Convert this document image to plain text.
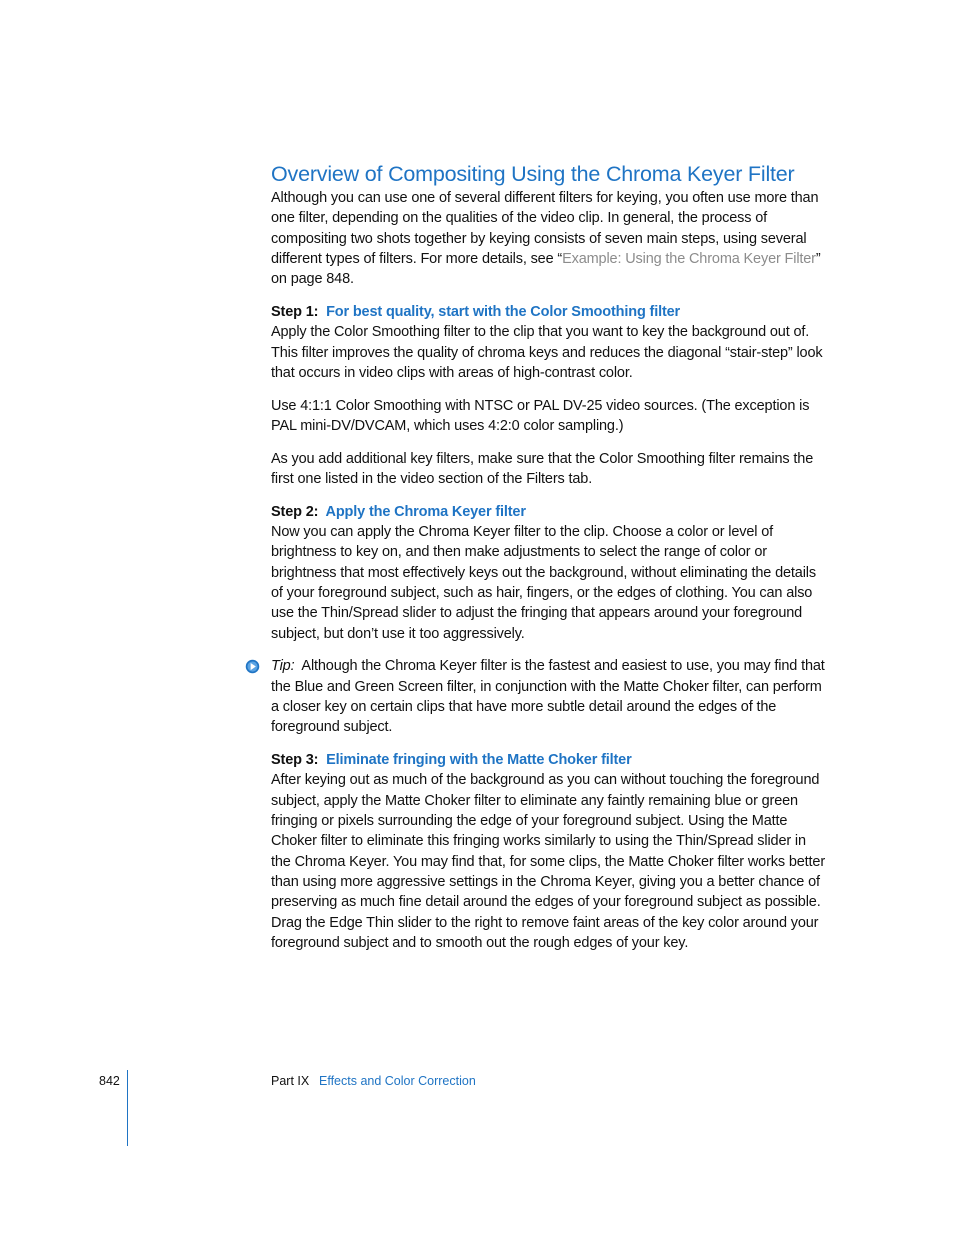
Overview of Compositing Using the Chroma Keyer Filter

Although you can use one of several different filters for keying, you often use more than one filter, depending on the qualities of the video clip. In general, the process of compositing two shots together by keying consists of seven main steps, using several different types of filters. For more details, see “Example: Using the Chroma Keyer Filter” on page 848.

Step 1: For best quality, start with the Color Smoothing filter

Apply the Color Smoothing filter to the clip that you want to key the background out of. This filter improves the quality of chroma keys and reduces the diagonal “stair-step” look that occurs in video clips with areas of high-contrast color.

Use 4:1:1 Color Smoothing with NTSC or PAL DV-25 video sources. (The exception is PAL mini-DV/DVCAM, which uses 4:2:0 color sampling.)

As you add additional key filters, make sure that the Color Smoothing filter remains the first one listed in the video section of the Filters tab.

Step 2: Apply the Chroma Keyer filter

Now you can apply the Chroma Keyer filter to the clip. Choose a color or level of brightness to key on, and then make adjustments to select the range of color or brightness that most effectively keys out the background, without eliminating the details of your foreground subject, such as hair, fingers, or the edges of clothing. You can also use the Thin/Spread slider to adjust the fringing that appears around your foreground subject, but don’t use it too aggressively.

Tip: Although the Chroma Keyer filter is the fastest and easiest to use, you may find that the Blue and Green Screen filter, in conjunction with the Matte Choker filter, can perform a closer key on certain clips that have more subtle detail around the edges of the foreground subject.

Step 3: Eliminate fringing with the Matte Choker filter

After keying out as much of the background as you can without touching the foreground subject, apply the Matte Choker filter to eliminate any faintly remaining blue or green fringing or pixels surrounding the edge of your foreground subject. Using the Matte Choker filter to eliminate this fringing works similarly to using the Thin/Spread slider in the Chroma Keyer. You may find that, for some clips, the Matte Choker filter works better than using more aggressive settings in the Chroma Keyer, giving you a better chance of preserving as much fine detail around the edges of your foreground subject as possible. Drag the Edge Thin slider to the right to remove faint areas of the key color around your foreground subject and to smooth out the rough edges of your key.

842	Part IX Effects and Color Correction
